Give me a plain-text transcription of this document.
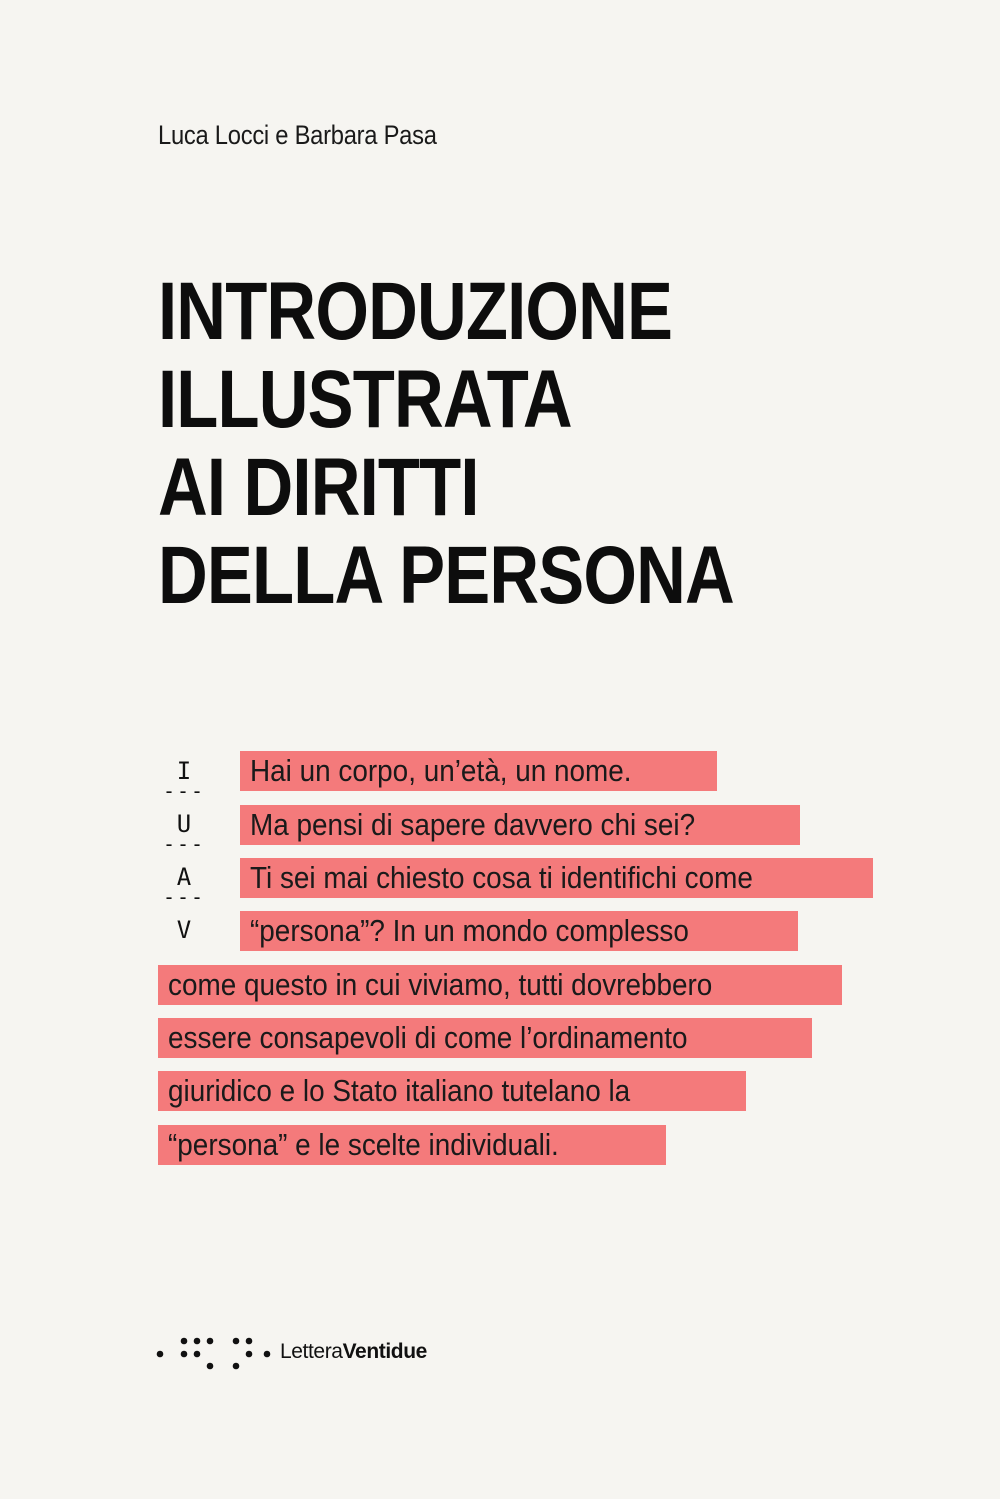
Luca Locci e Barbara Pasa
INTRODUZIONE
ILLUSTRATA
AI DIRITTI
DELLA PERSONA
I
---
U
---
A
---
V
Hai un corpo, un’età, un nome.
Ma pensi di sapere davvero chi sei?
Ti sei mai chiesto cosa ti identifichi come
“persona”? In un mondo complesso
come questo in cui viviamo, tutti dovrebbero
essere consapevoli di come l’ordinamento
giuridico e lo Stato italiano tutelano la
“persona” e le scelte individuali.
LetteraVentidue
